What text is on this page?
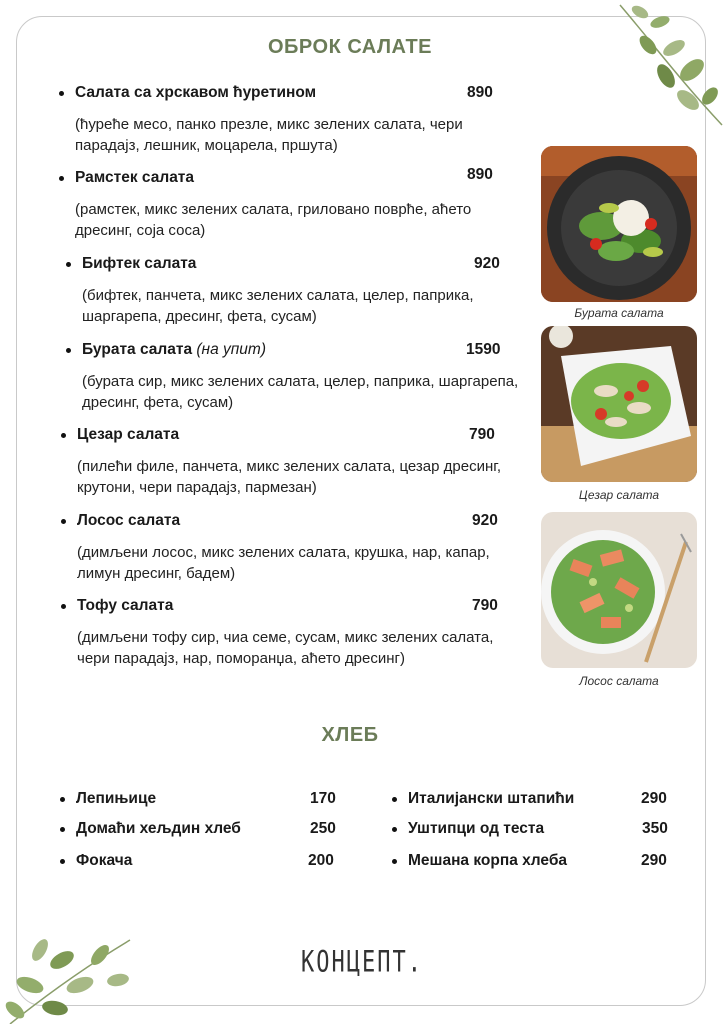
ОБРОК САЛАТЕ
Салата са хрскавом ћуретином	890
(ћуреће месо, панко презле, микс зелених салата, чери парадајз, лешник, моцарела, пршута)
Рамстек салата	890
(рамстек, микс зелених салата, гриловано поврће, аћето дресинг, соја соса)
Бифтек салата	920
(бифтек, панчета, микс зелених салата, целер, паприка, шаргарепа, дресинг, фета, сусам)
Бурата салата (на упит)	1590
(бурата сир, микс зелених салата, целер, паприка, шаргарепа, дресинг, фета, сусам)
Цезар салата	790
(пилећи филе, панчета, микс зелених салата, цезар дресинг, крутони, чери парадајз, пармезан)
Лосос салата	920
(димљени лосос, микс зелених салата, крушка, нар, капар, лимун дресинг, бадем)
Тофу салата	790
(димљени тофу сир, чиа семе, сусам, микс зелених салата, чери парадајз, нар, поморанџа, аћето дресинг)
Бурата салата
Цезар салата
Лосос салата
ХЛЕБ
Лепињице	170
Домаћи хељдин хлеб	250
Фокача	200
Италијански штапићи	290
Уштипци од теста	350
Мешана корпа хлеба	290
КОНЦЕПТ.
